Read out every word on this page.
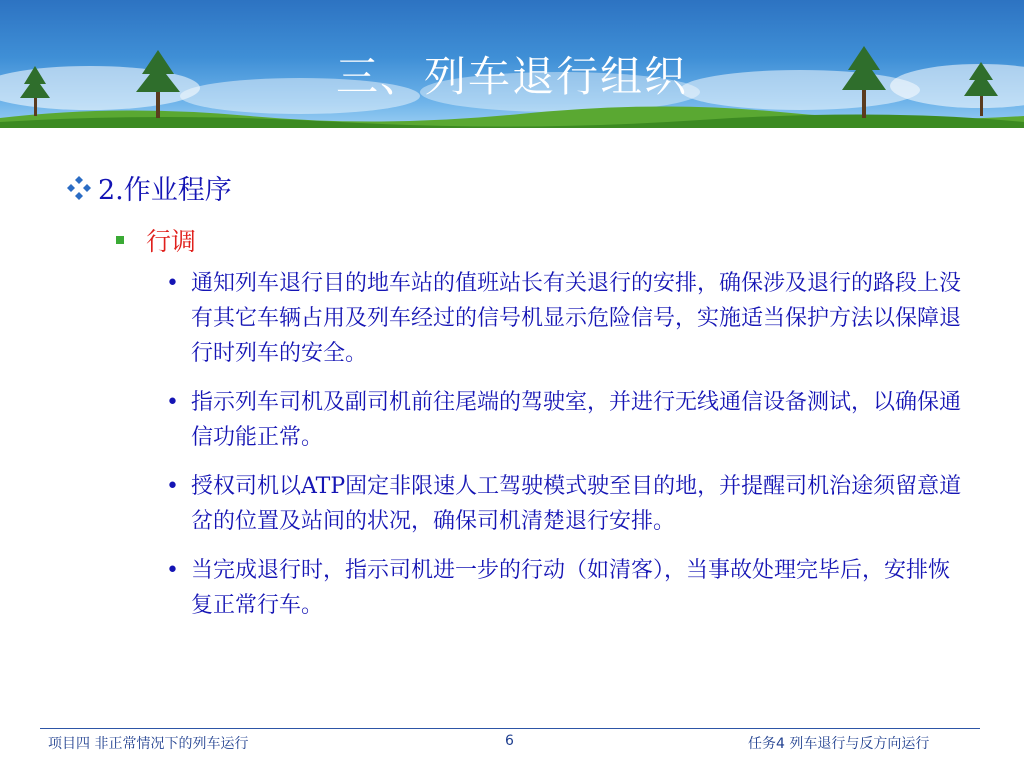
三、列车退行组织
2.作业程序
行调
• 通知列车退行目的地车站的值班站长有关退行的安排，确保涉及退行的路段上没有其它车辆占用及列车经过的信号机显示危险信号，实施适当保护方法以保障退行时列车的安全。
• 指示列车司机及副司机前往尾端的驾驶室，并进行无线通信设备测试，以确保通信功能正常。
• 授权司机以ATP固定非限速人工驾驶模式驶至目的地，并提醒司机治途须留意道岔的位置及站间的状况，确保司机清楚退行安排。
• 当完成退行时，指示司机进一步的行动（如清客），当事故处理完毕后，安排恢复正常行车。
项目四 非正常情况下的列车运行	6	任务4 列车退行与反方向运行
